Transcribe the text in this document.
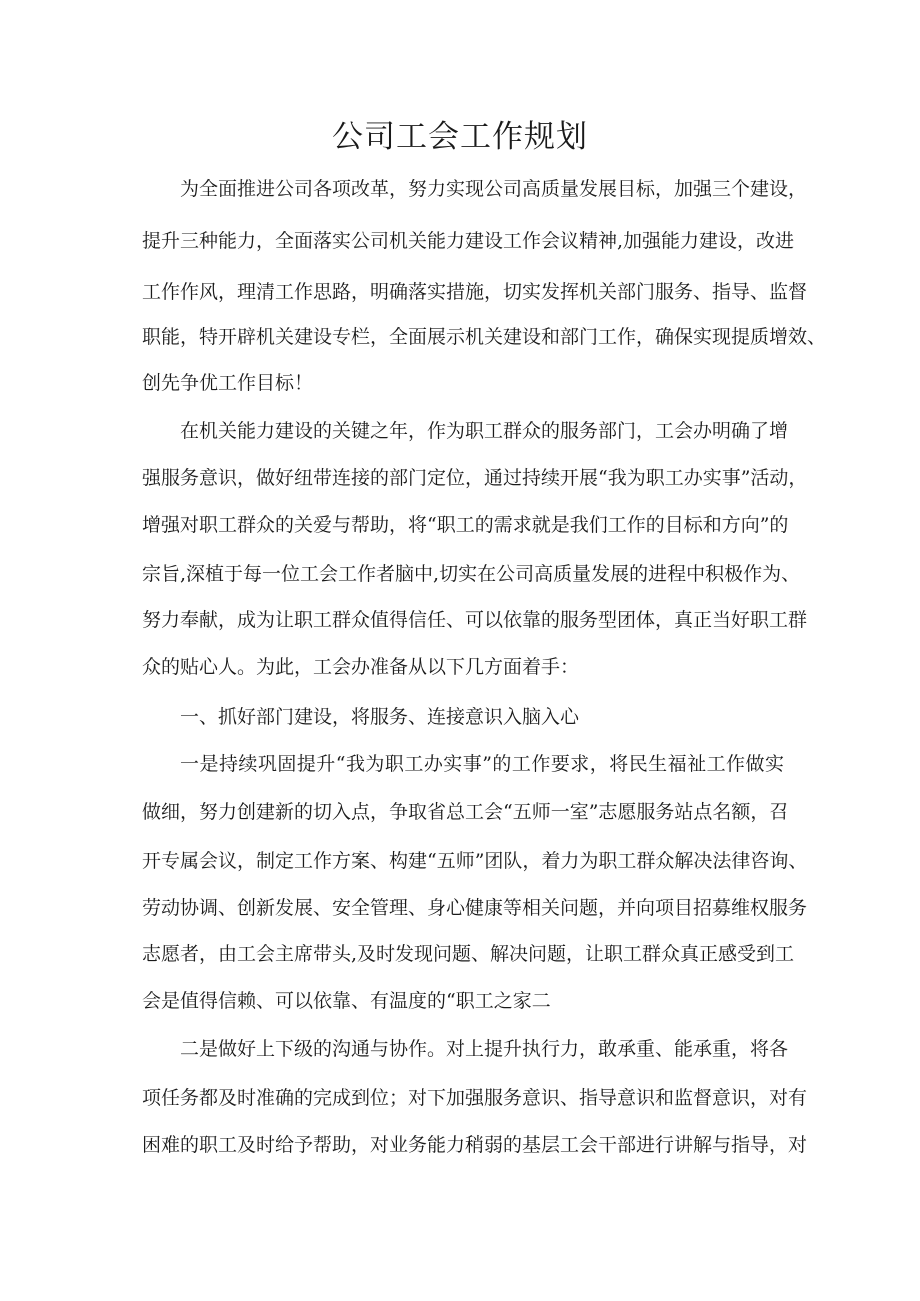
公司工会工作规划

为全面推进公司各项改革，努力实现公司高质量发展目标，加强三个建设，

提升三种能力，全面落实公司机关能力建设工作会议精神,加强能力建设，改进

工作作风，理清工作思路，明确落实措施，切实发挥机关部门服务、指导、监督

职能，特开辟机关建设专栏，全面展示机关建设和部门工作，确保实现提质增效、

创先争优工作目标！

在机关能力建设的关键之年，作为职工群众的服务部门，工会办明确了增

强服务意识，做好纽带连接的部门定位，通过持续开展“我为职工办实事”活动，

增强对职工群众的关爱与帮助，将“职工的需求就是我们工作的目标和方向”的

宗旨,深植于每一位工会工作者脑中,切实在公司高质量发展的进程中积极作为、

努力奉献，成为让职工群众值得信任、可以依靠的服务型团体，真正当好职工群

众的贴心人。为此，工会办准备从以下几方面着手：

一、抓好部门建设，将服务、连接意识入脑入心

一是持续巩固提升“我为职工办实事”的工作要求，将民生福祉工作做实

做细，努力创建新的切入点，争取省总工会“五师一室”志愿服务站点名额，召

开专属会议，制定工作方案、构建“五师”团队，着力为职工群众解决法律咨询、

劳动协调、创新发展、安全管理、身心健康等相关问题，并向项目招募维权服务

志愿者，由工会主席带头,及时发现问题、解决问题，让职工群众真正感受到工

会是值得信赖、可以依靠、有温度的“职工之家二

二是做好上下级的沟通与协作。对上提升执行力，敢承重、能承重，将各

项任务都及时准确的完成到位；对下加强服务意识、指导意识和监督意识，对有

困难的职工及时给予帮助，对业务能力稍弱的基层工会干部进行讲解与指导，对
